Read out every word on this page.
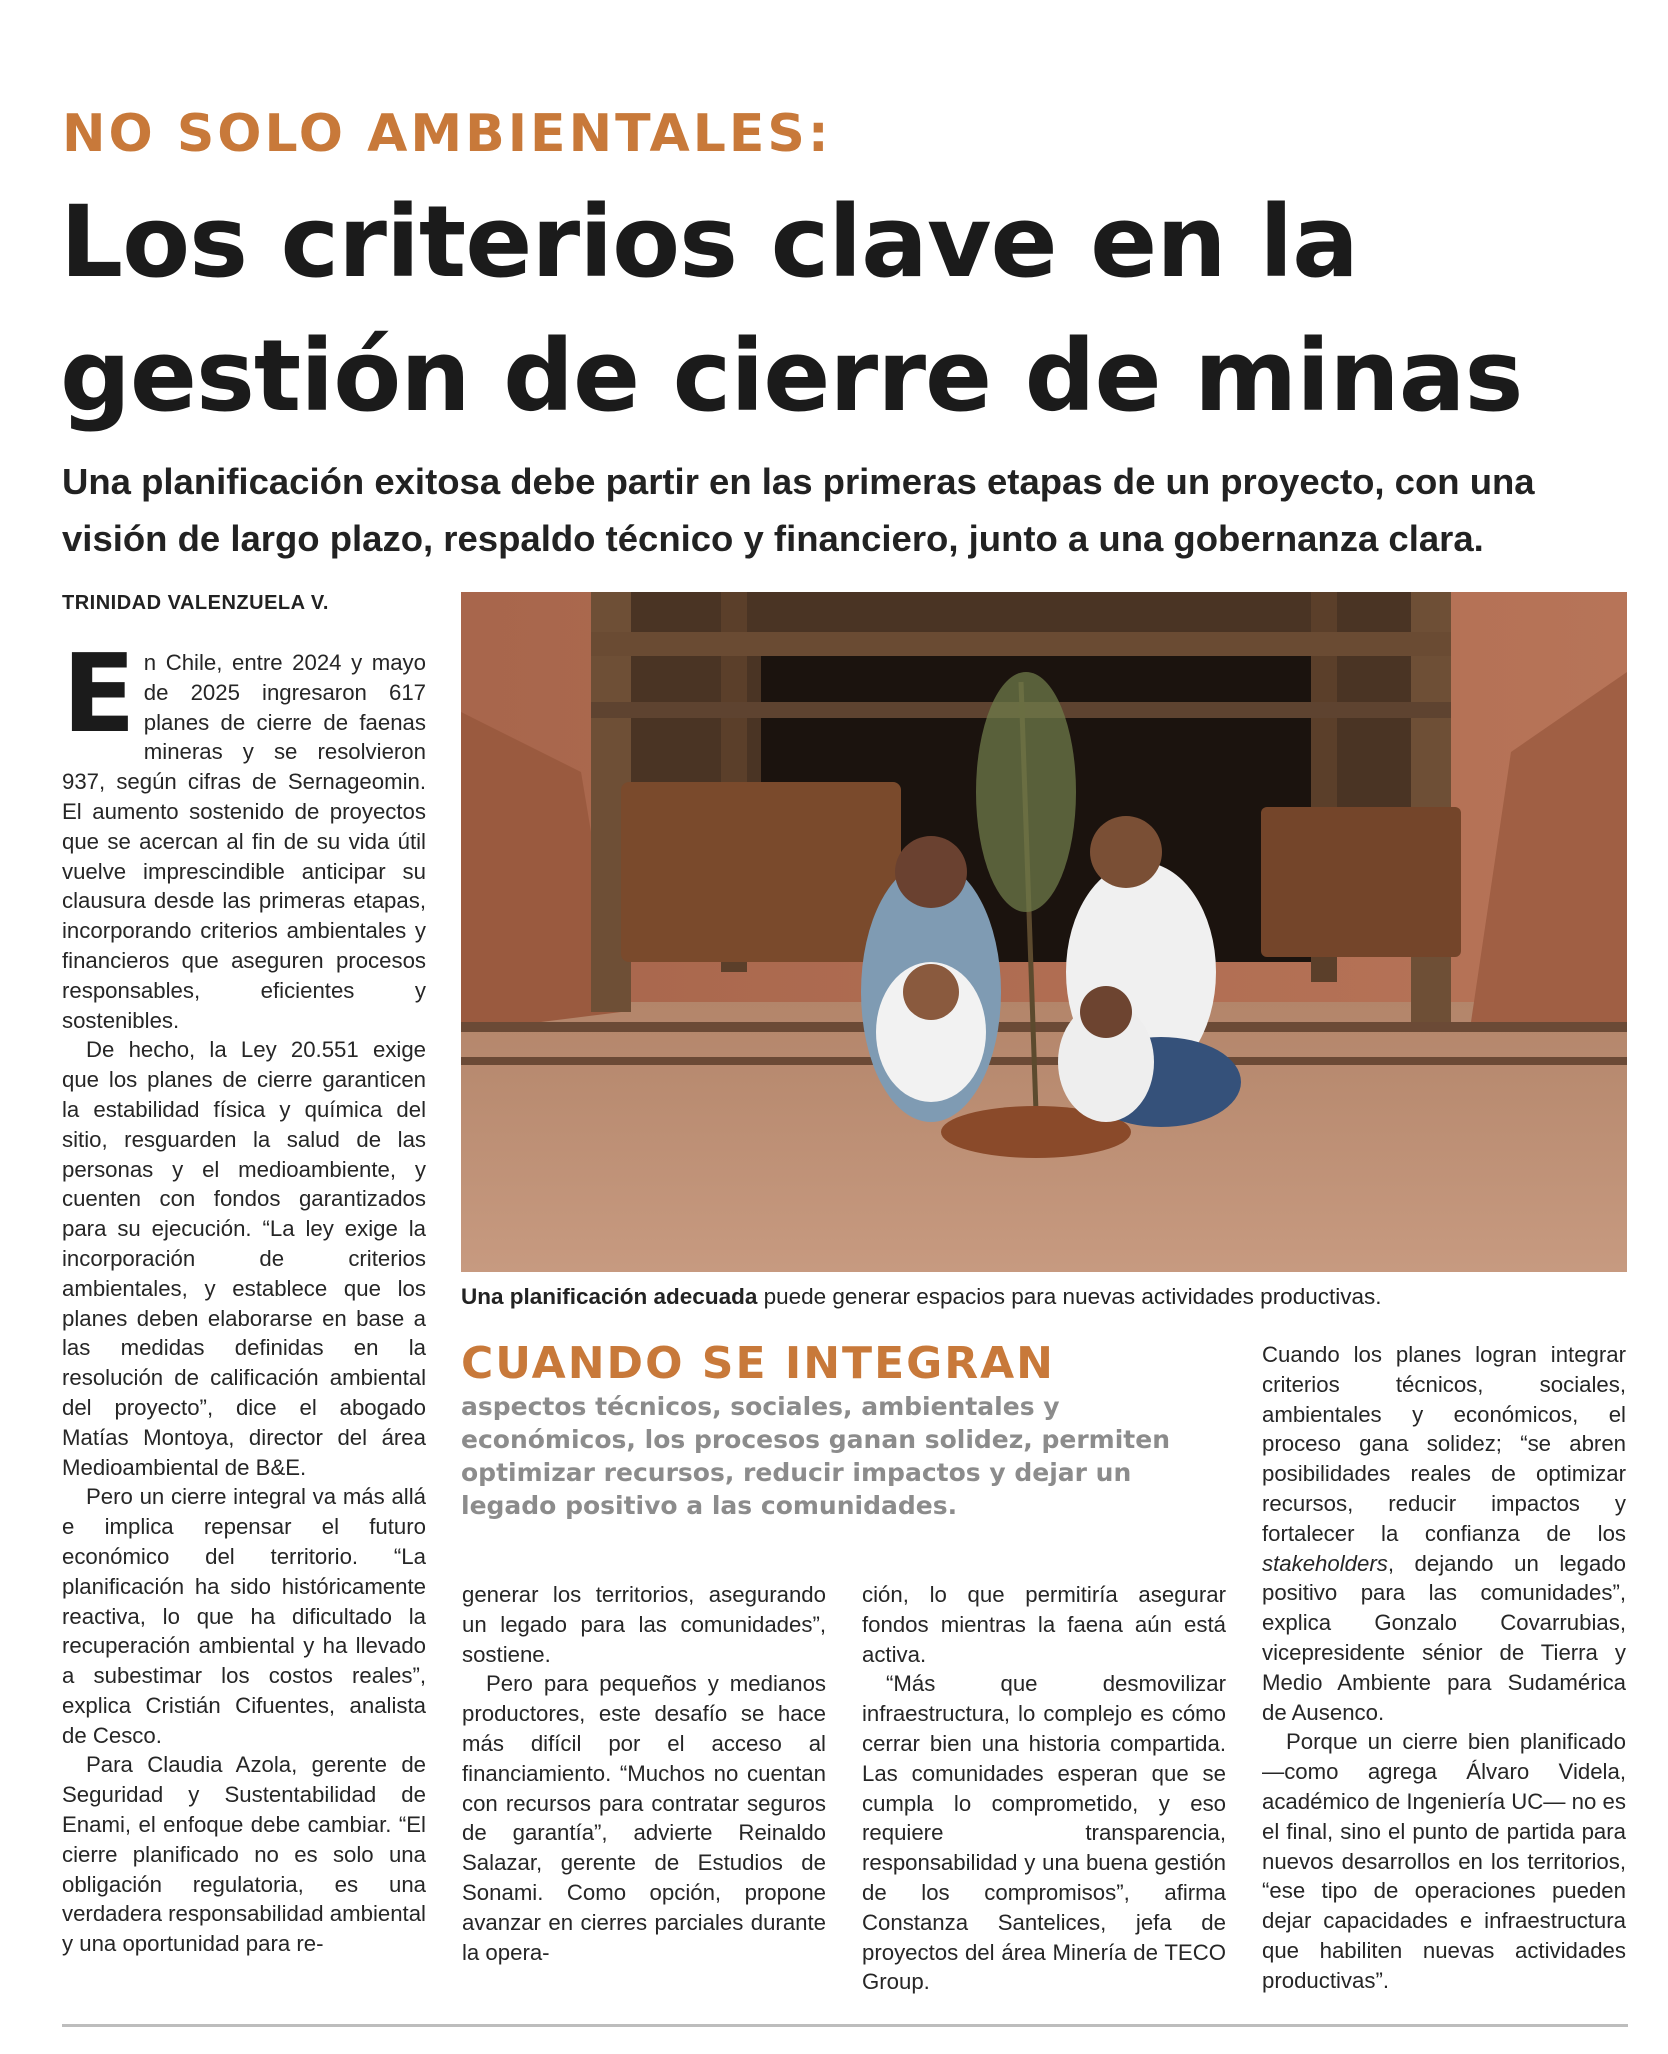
NO SOLO AMBIENTALES:
Los criterios clave en la
gestión de cierre de minas
Una planificación exitosa debe partir en las primeras etapas de un proyecto, con una visión de largo plazo, respaldo técnico y financiero, junto a una gobernanza clara.
TRINIDAD VALENZUELA V.

En Chile, entre 2024 y mayo de 2025 ingresaron 617 planes de cierre de faenas mineras y se resolvieron 937, según cifras de Sernageomin. El aumento sostenido de proyectos que se acercan al fin de su vida útil vuelve imprescindible anticipar su clausura desde las primeras etapas, incorporando criterios ambientales y financieros que aseguren procesos responsables, eficientes y sostenibles.

De hecho, la Ley 20.551 exige que los planes de cierre garanticen la estabilidad física y química del sitio, resguarden la salud de las personas y el medioambiente, y cuenten con fondos garantizados para su ejecución. “La ley exige la incorporación de criterios ambientales, y establece que los planes deben elaborarse en base a las medidas definidas en la resolución de calificación ambiental del proyecto”, dice el abogado Matías Montoya, director del área Medioambiental de B&E.

Pero un cierre integral va más allá e implica repensar el futuro económico del territorio. “La planificación ha sido históricamente reactiva, lo que ha dificultado la recuperación ambiental y ha llevado a subestimar los costos reales”, explica Cristián Cifuentes, analista de Cesco.

Para Claudia Azola, gerente de Seguridad y Sustentabilidad de Enami, el enfoque debe cambiar. “El cierre planificado no es solo una obligación regulatoria, es una verdadera responsabilidad ambiental y una oportunidad para re-

Una planificación adecuada puede generar espacios para nuevas actividades productivas.
CUANDO SE INTEGRAN
aspectos técnicos, sociales, ambientales y económicos, los procesos ganan solidez, permiten optimizar recursos, reducir impactos y dejar un legado positivo a las comunidades.

generar los territorios, asegurando un legado para las comunidades”, sostiene.

Pero para pequeños y medianos productores, este desafío se hace más difícil por el acceso al financiamiento. “Muchos no cuentan con recursos para contratar seguros de garantía”, advierte Reinaldo Salazar, gerente de Estudios de Sonami. Como opción, propone avanzar en cierres parciales durante la opera-

ción, lo que permitiría asegurar fondos mientras la faena aún está activa.

“Más que desmovilizar infraestructura, lo complejo es cómo cerrar bien una historia compartida. Las comunidades esperan que se cumpla lo comprometido, y eso requiere transparencia, responsabilidad y una buena gestión de los compromisos”, afirma Constanza Santelices, jefa de proyectos del área Minería de TECO Group.

Cuando los planes logran integrar criterios técnicos, sociales, ambientales y económicos, el proceso gana solidez; “se abren posibilidades reales de optimizar recursos, reducir impactos y fortalecer la confianza de los stakeholders, dejando un legado positivo para las comunidades”, explica Gonzalo Covarrubias, vicepresidente sénior de Tierra y Medio Ambiente para Sudamérica de Ausenco.

Porque un cierre bien planificado —como agrega Álvaro Videla, académico de Ingeniería UC— no es el final, sino el punto de partida para nuevos desarrollos en los territorios, “ese tipo de operaciones pueden dejar capacidades e infraestructura que habiliten nuevas actividades productivas”.
